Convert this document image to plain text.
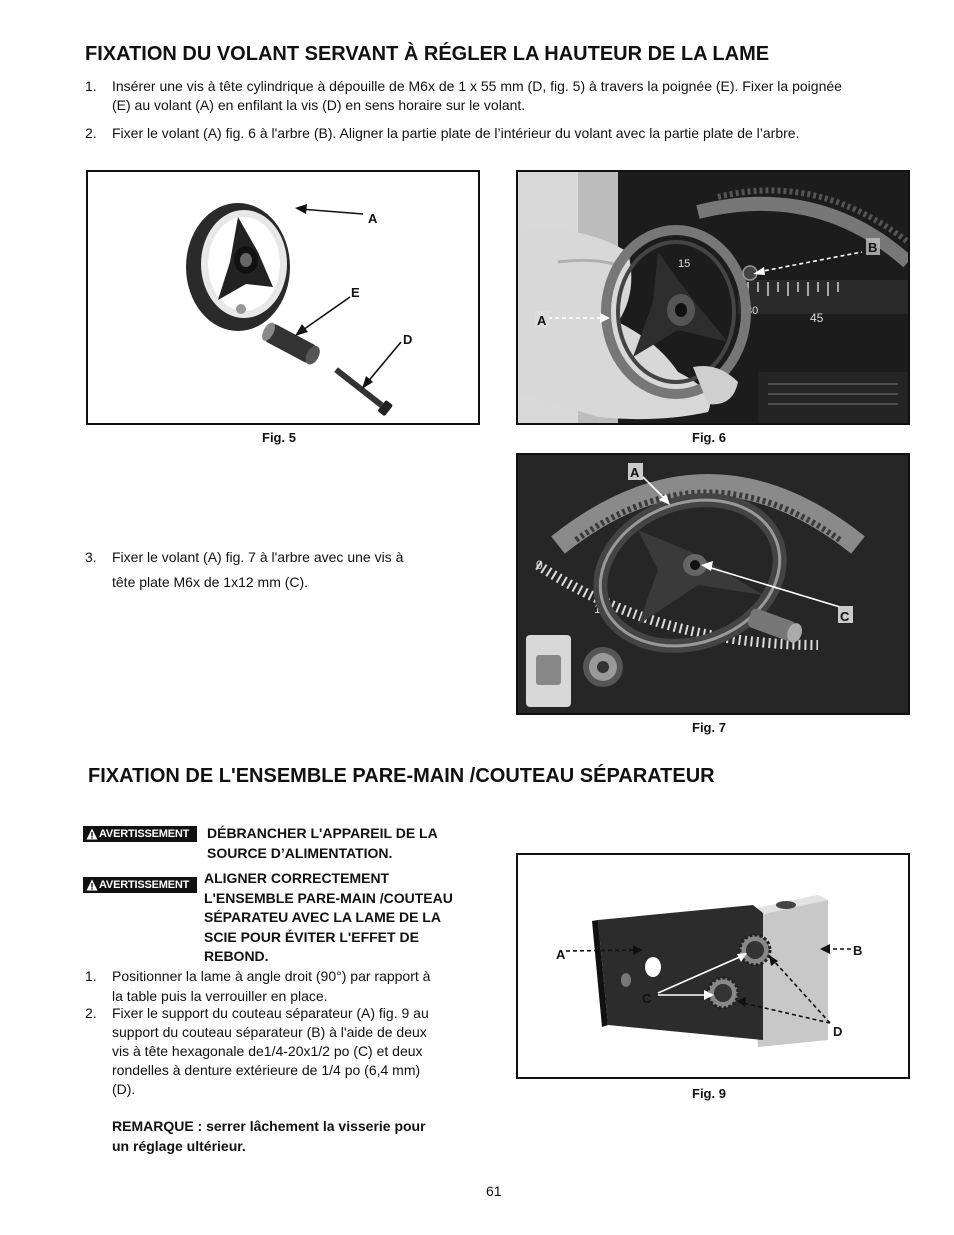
FIXATION DU VOLANT SERVANT À RÉGLER LA HAUTEUR DE LA LAME
1. Insérer une vis à tête cylindrique à dépouille de M6x de 1 x 55 mm (D, fig. 5) à travers la poignée (E). Fixer la poignée
(E) au volant (A) en enfilant la vis (D) en sens horaire sur le volant.
2. Fixer le volant (A) fig. 6 à l'arbre (B). Aligner la partie plate de l’intérieur du volant avec la partie plate de l’arbre.
A
E
D
Fig. 5
15
30	45
B
A
Fig. 6
0
15
A
C
Fig. 7
3. Fixer le volant (A) fig. 7 à l'arbre avec une vis à
tête plate M6x de 1x12 mm (C).
FIXATION DE L'ENSEMBLE PARE-MAIN /COUTEAU SÉPARATEUR
AVERTISSEMENT DÉBRANCHER L'APPAREIL DE LA
SOURCE D’ALIMENTATION.
AVERTISSEMENT ALIGNER CORRECTEMENT
L'ENSEMBLE PARE-MAIN /COUTEAU
SÉPARATEU AVEC LA LAME DE LA
SCIE POUR ÉVITER L'EFFET DE
REBOND.
1. Positionner la lame à angle droit (90°) par rapport à
la table puis la verrouiller en place.
2. Fixer le support du couteau séparateur (A) fig. 9 au
support du couteau séparateur (B) à l'aide de deux
vis à tête hexagonale de1/4-20x1/2 po (C) et deux
rondelles à denture extérieure de 1/4 po (6,4 mm)
(D).
REMARQUE : serrer lâchement la visserie pour
un réglage ultérieur.
A	B
C
D
Fig. 9
61
